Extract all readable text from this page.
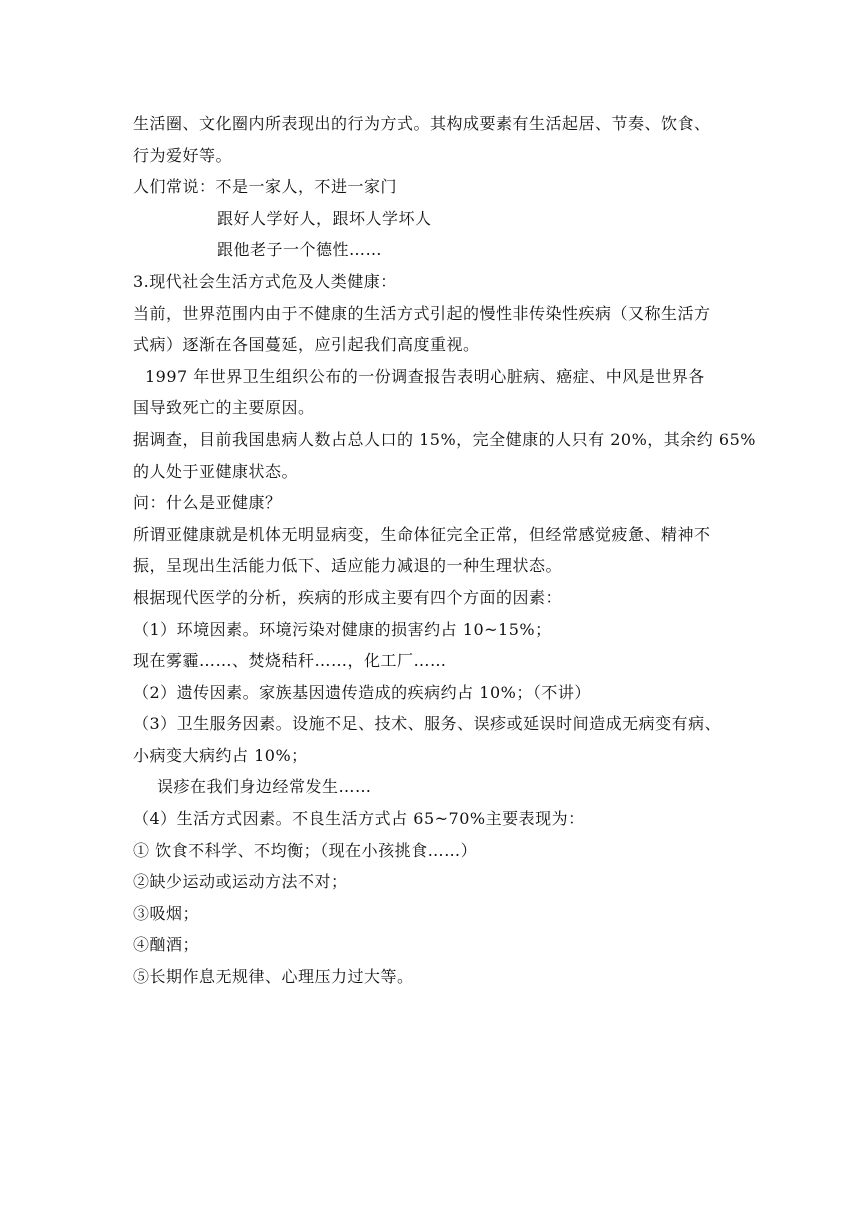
生活圈、文化圈内所表现出的行为方式。其构成要素有生活起居、节奏、饮食、
行为爱好等。
人们常说：不是一家人，不进一家门
跟好人学好人，跟坏人学坏人
跟他老子一个德性……
3.现代社会生活方式危及人类健康：
当前，世界范围内由于不健康的生活方式引起的慢性非传染性疾病（又称生活方
式病）逐渐在各国蔓延，应引起我们高度重视。
1997 年世界卫生组织公布的一份调查报告表明心脏病、癌症、中风是世界各
国导致死亡的主要原因。
据调查，目前我国患病人数占总人口的 15%，完全健康的人只有 20%，其余约 65%
的人处于亚健康状态。
问：什么是亚健康？
所谓亚健康就是机体无明显病变，生命体征完全正常，但经常感觉疲惫、精神不
振，呈现出生活能力低下、适应能力减退的一种生理状态。
根据现代医学的分析，疾病的形成主要有四个方面的因素：
（1）环境因素。环境污染对健康的损害约占 10~15%；
现在雾霾……、焚烧秸秆……，化工厂……
（2）遗传因素。家族基因遗传造成的疾病约占 10%；（不讲）
（3）卫生服务因素。设施不足、技术、服务、误疹或延误时间造成无病变有病、
小病变大病约占 10%；
误疹在我们身边经常发生……
（4）生活方式因素。不良生活方式占 65~70%主要表现为：
① 饮食不科学、不均衡；（现在小孩挑食……）
②缺少运动或运动方法不对；
③吸烟；
④酗酒；
⑤长期作息无规律、心理压力过大等。
